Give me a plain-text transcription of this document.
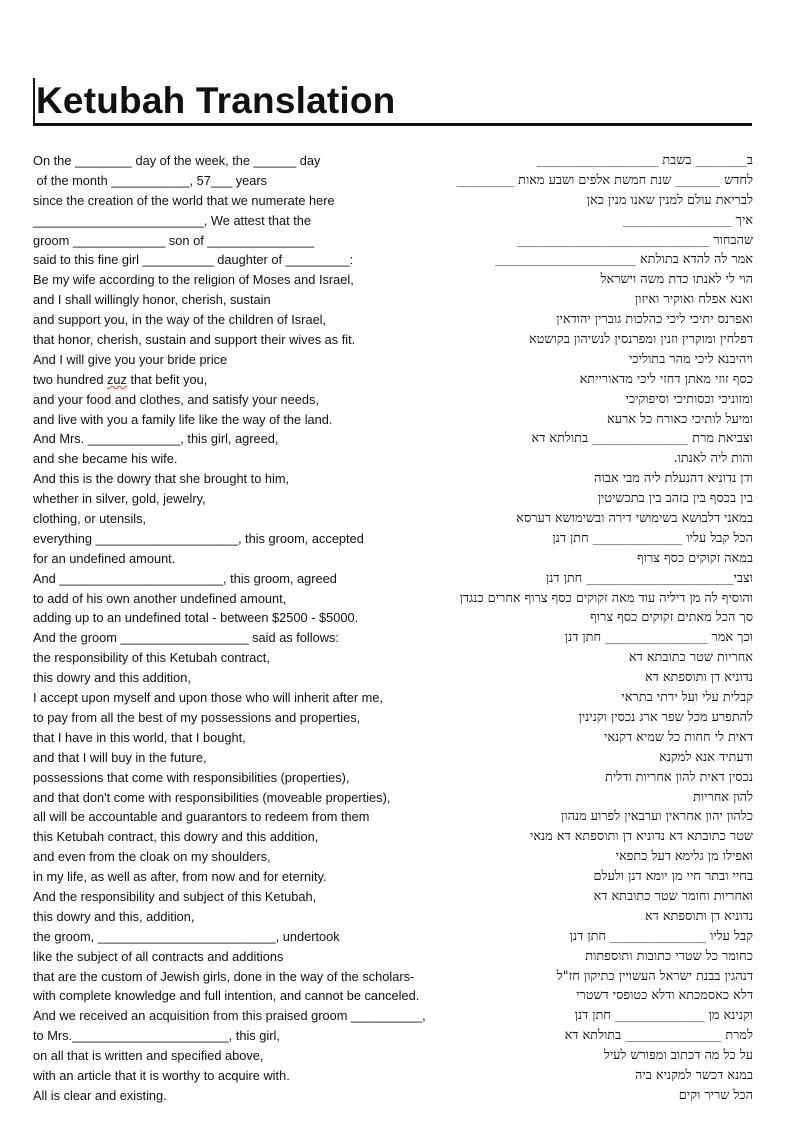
Ketubah Translation
On the ________ day of the week, the ______ day	ב________ בשבת ___________________
of the month ___________, 57___ years	לחדש _______ שנת חמשת אלפים ושבע מאות _________
since the creation of the world that we numerate here	לבריאת עולם למנין שאנו מנין כאן
________________________, We attest that the	איך _________________
groom _____________ son of _______________	שהבחור ______________________________
said to this fine girl __________ daughter of _________:	אמר לה להדא בתולתא ______________________
Be my wife according to the religion of Moses and Israel,	הוי לי לאנתו כדת משה וישראל
and I shall willingly honor, cherish, sustain	ואנא אפלח ואוקיר ואיזון
and support you, in the way of the children of Israel,	ואפרנס יתיכי ליכי כהלכות גוברין יהודאין
that honor, cherish, sustain and support their wives as fit.	דפלחין ומוקרין וזנין ומפרנסין לנשיהון בקושטא
And I will give you your bride price	ויהיבנא ליכי מהר בתוליכי
two hundred zuz that befit you,	כסף זוזי מאתן דחזי ליכי מדאורייתא
and your food and clothes, and satisfy your needs,	ומזוניכי וכסותיכי וסיפוקיכי
and live with you a family life like the way of the land.	ומיעל לותיכי כאורח כל ארעא
And Mrs. _____________, this girl, agreed,	וצביאת מרת _______________ בתולתא דא
and she became his wife.	והות ליה לאנתו.
And this is the dowry that she brought to him,	ודן נדוניא דהנעלת ליה מבי אבוה
whether in silver, gold, jewelry,	בין בכסף בין בזהב בין בתכשיטין
clothing, or utensils,	במאני דלבושא בשימושי דירה ובשימושא דערסא
everything ____________________, this groom, accepted	הכל קבל עליו ______________ חתן דנן
for an undefined amount.	במאה זקוקים כסף צרוף
And _______________________, this groom, agreed	וצבי_______________________ חתן דנן
to add of his own another undefined amount,	והוסיף לה מן דיליה עוד מאה זקוקים כסף צרוף אחרים כנגדן
adding up to an undefined total - between $2500 - $5000.	סך הכל מאתים זקוקים כסף צרוף
And the groom __________________ said as follows:	וכך אמר ________________ חתן דנן
the responsibility of this Ketubah contract,	אחריות שטר כתובתא דא
this dowry and this addition,	נדוניא דן ותוספתא דא
I accept upon myself and upon those who will inherit after me,	קבלית עלי ועל ירתי בתראי
to pay from all the best of my possessions and properties,	להתפרע מכל שפר ארג נכסין וקנינין
that I have in this world, that I bought,	דאית לי חחות כל שמיא דקנאי
and that I will buy in the future,	ודעתיד אנא למקנא
possessions that come with responsibilities (properties),	נכסין דאית להון אחריות ודלית
and that don't come with responsibilities (moveable properties),	להון אחריות
all will be accountable and guarantors to redeem from them	כלהון יהון אחראין וערבאין לפרוע מנהון
this Ketubah contract, this dowry and this addition,	שטר כתובתא דא נדוניא דן ותוספתא דא מנאי
and even from the cloak on my shoulders,	ואפילו מן גלימא דעל כתפאי
in my life, as well as after, from now and for eternity.	בחיי ובתר חיי מן יומא דנן ולעלם
And the responsibility and subject of this Ketubah,	ואחריות וחומר שטר כתובתא דא
this dowry and this, addition,	נדוניא דן ותוספתא דא
the groom, _________________________, undertook	קבל עליו _______________ חתן דנן
like the subject of all contracts and additions	כחומר כל שטרי כתובות ותוספתות
that are the custom of Jewish girls, done in the way of the scholars-	דנהגין בבנת ישראל העשויין כתיקון חז"ל
with complete knowledge and full intention, and cannot be canceled.	דלא כאסמכתא ודלא כטופסי דשטרי
And we received an acquisition from this praised groom __________,	וקנינא מן ______________ חתן דנן
to Mrs.______________________, this girl,	למרת _______________ בתולתא דא
on all that is written and specified above,	על כל מה דכתוב ומפורש לעיל
with an article that it is worthy to acquire with.	במנא דכשר למקניא ביה
All is clear and existing.	הכל שריר וקים
